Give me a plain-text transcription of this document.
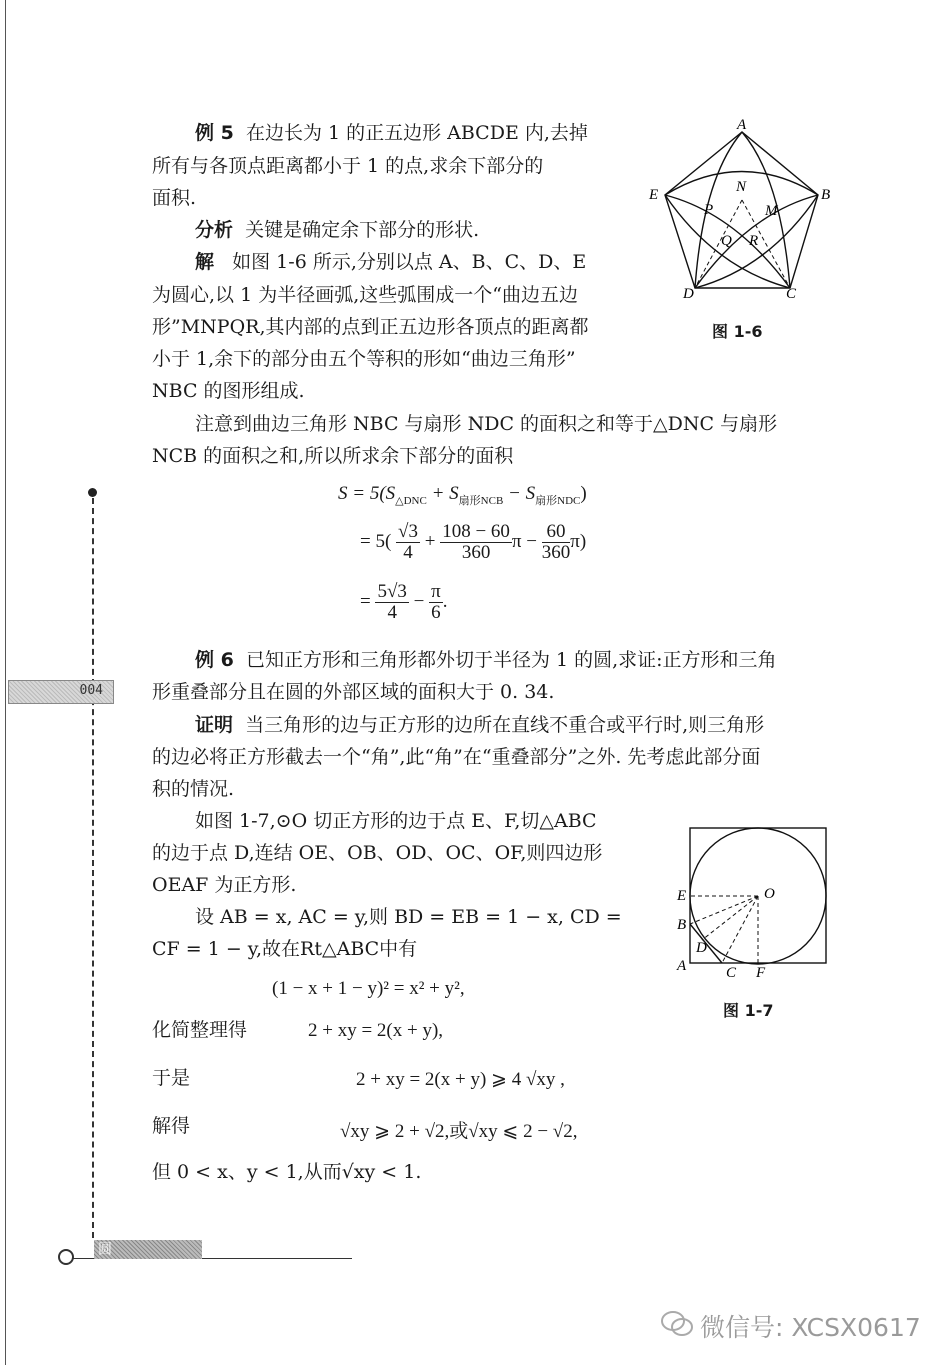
004
圆
例 5 在边长为 1 的正五边形 ABCDE 内,去掉
所有与各顶点距离都小于 1 的点,求余下部分的
面积.
分析 关键是确定余下部分的形状.
解 如图 1-6 所示,分别以点 A、B、C、D、E
为圆心,以 1 为半径画弧,这些弧围成一个“曲边五边
形”MNPQR,其内部的点到正五边形各顶点的距离都
小于 1,余下的部分由五个等积的形如“曲边三角形”
NBC 的图形组成.
注意到曲边三角形 NBC 与扇形 NDC 的面积之和等于△DNC 与扇形
NCB 的面积之和,所以所求余下部分的面积
A
B
C
D
E	N
M
P
Q R
图 1-6
$S = 5(S_{\triangle DNC} + S_{扇形NCB} - S_{扇形NDC})$
= $5( \frac{√3}{4} + \frac{108 - 60}{360}$ $\pi - \frac{60}{360} \pi$)
= $\frac{5√3}{4} - \frac{\pi}{6}$ .
例 6 已知正方形和三角形都外切于半径为 1 的圆,求证:正方形和三角
形重叠部分且在圆的外部区域的面积大于 0. 34.
证明 当三角形的边与正方形的边所在直线不重合或平行时,则三角形
的边必将正方形截去一个“角”,此“角”在“重叠部分”之外. 先考虑此部分面
积的情况.
如图 1-7,⊙O 切正方形的边于点 E、F,切△ABC
的边于点 D,连结 OE、OB、OD、OC、OF,则四边形
OEAF 为正方形.
设 AB = x, AC = y,则 BD = EB = 1 − x, CD =
CF = 1 − y,故在Rt△ABC中有
(1 − x + 1 − y)² = x² + y²,
化简整理得	2 + xy = 2(x + y),
于是	2 + xy = 2(x + y) ⩾ 4 √xy ,
解得	√xy ⩾ 2 + √2,或√xy ⩽ 2 − √2,
但 0 < x、y < 1,从而√xy < 1.
O
E
B
D
A	C F
图 1-7
微信号: XCSX0617
